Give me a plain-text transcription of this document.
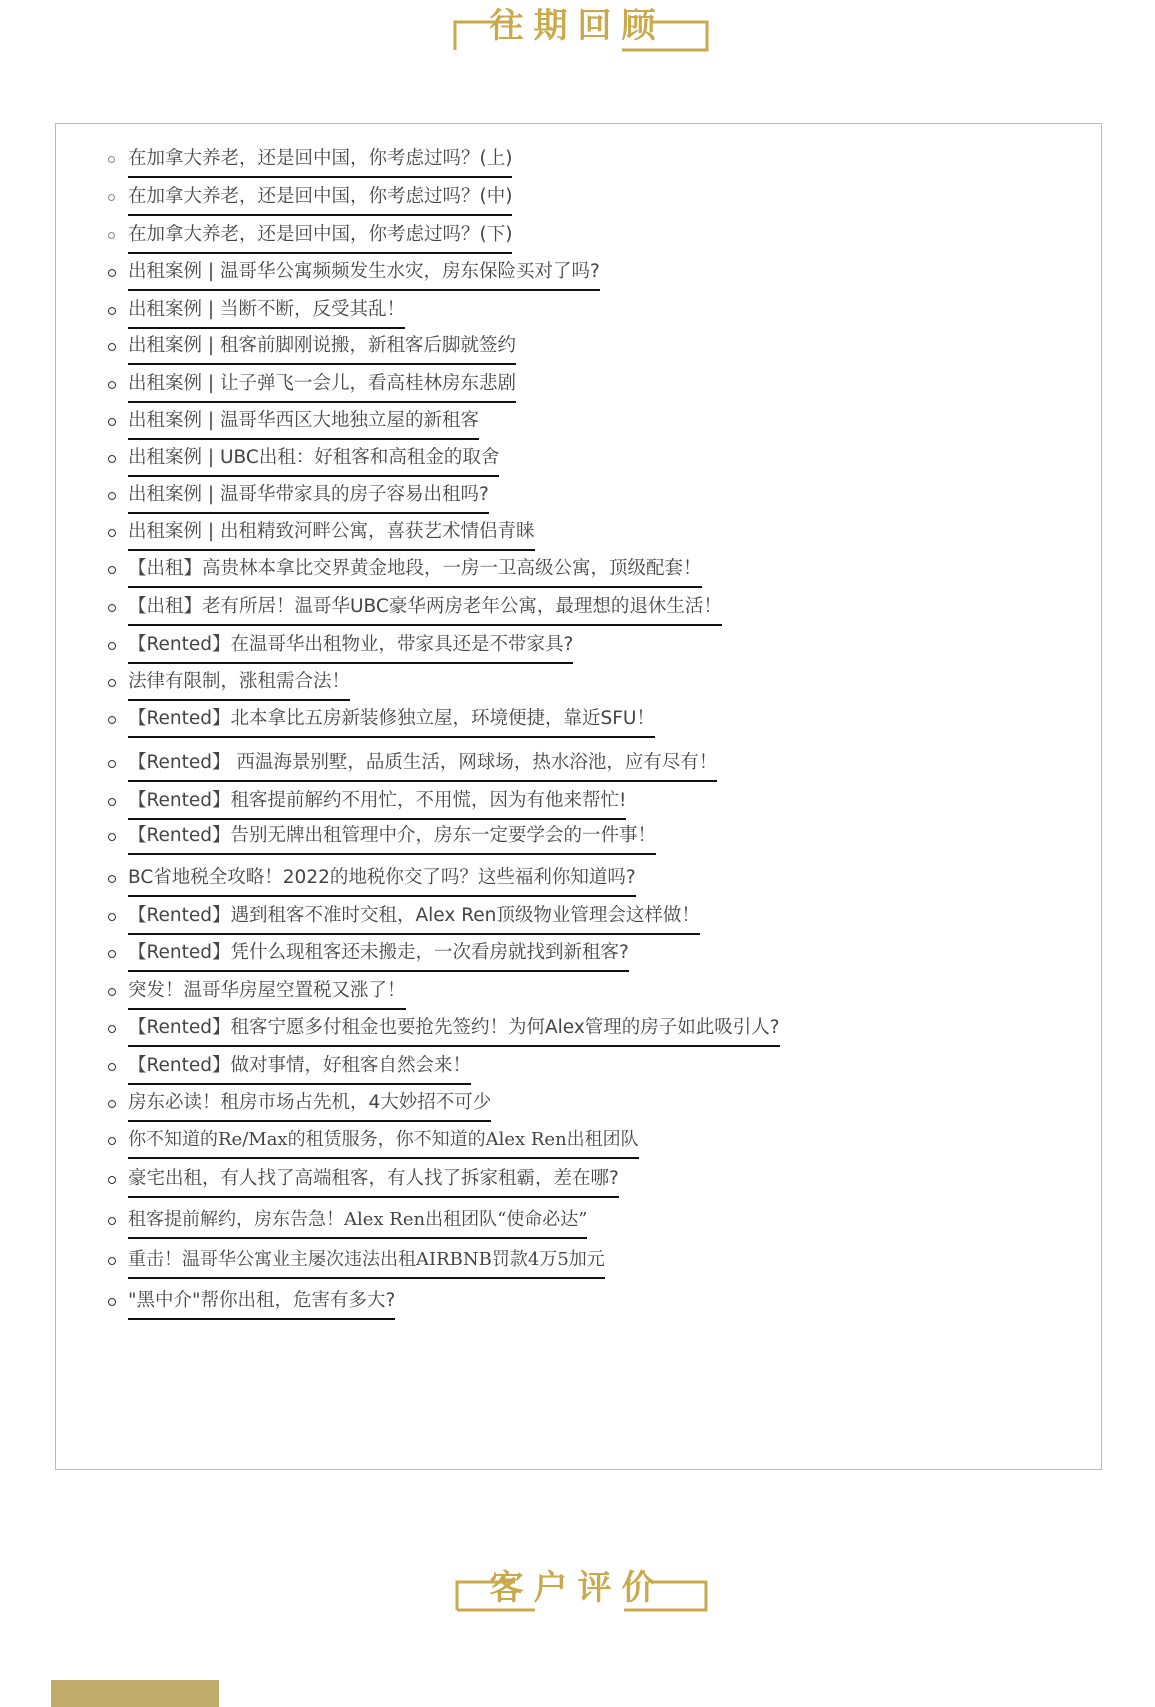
往期回顾
在加拿大养老，还是回中国，你考虑过吗？(上)
在加拿大养老，还是回中国，你考虑过吗？(中)
在加拿大养老，还是回中国，你考虑过吗？(下)
出租案例 | 温哥华公寓频频发生水灾，房东保险买对了吗?
出租案例 | 当断不断，反受其乱！
出租案例 | 租客前脚刚说搬，新租客后脚就签约
出租案例 | 让子弹飞一会儿，看高桂林房东悲剧
出租案例 | 温哥华西区大地独立屋的新租客
出租案例 | UBC出租：好租客和高租金的取舍
出租案例 | 温哥华带家具的房子容易出租吗?
出租案例 | 出租精致河畔公寓，喜获艺术情侣青睐
【出租】高贵林本拿比交界黄金地段，一房一卫高级公寓，顶级配套！
【出租】老有所居！温哥华UBC豪华两房老年公寓，最理想的退休生活！
【Rented】在温哥华出租物业，带家具还是不带家具?
法律有限制，涨租需合法！
【Rented】北本拿比五房新装修独立屋，环境便捷，靠近SFU！
【Rented】 西温海景别墅，品质生活，网球场，热水浴池，应有尽有！
【Rented】租客提前解约不用忙，不用慌，因为有他来帮忙!
【Rented】告别无牌出租管理中介，房东一定要学会的一件事！
BC省地税全攻略！2022的地税你交了吗？这些福利你知道吗?
【Rented】遇到租客不准时交租，Alex Ren顶级物业管理会这样做！
【Rented】凭什么现租客还未搬走，一次看房就找到新租客?
突发！温哥华房屋空置税又涨了！
【Rented】租客宁愿多付租金也要抢先签约！为何Alex管理的房子如此吸引人?
【Rented】做对事情，好租客自然会来！
房东必读！租房市场占先机，4大妙招不可少
你不知道的Re/Max的租赁服务，你不知道的Alex Ren出租团队
豪宅出租，有人找了高端租客，有人找了拆家租霸，差在哪?
租客提前解约，房东告急！Alex Ren出租团队“使命必达”
重击！温哥华公寓业主屡次违法出租AIRBNB罚款4万5加元
"黑中介"帮你出租，危害有多大?
客户评价
